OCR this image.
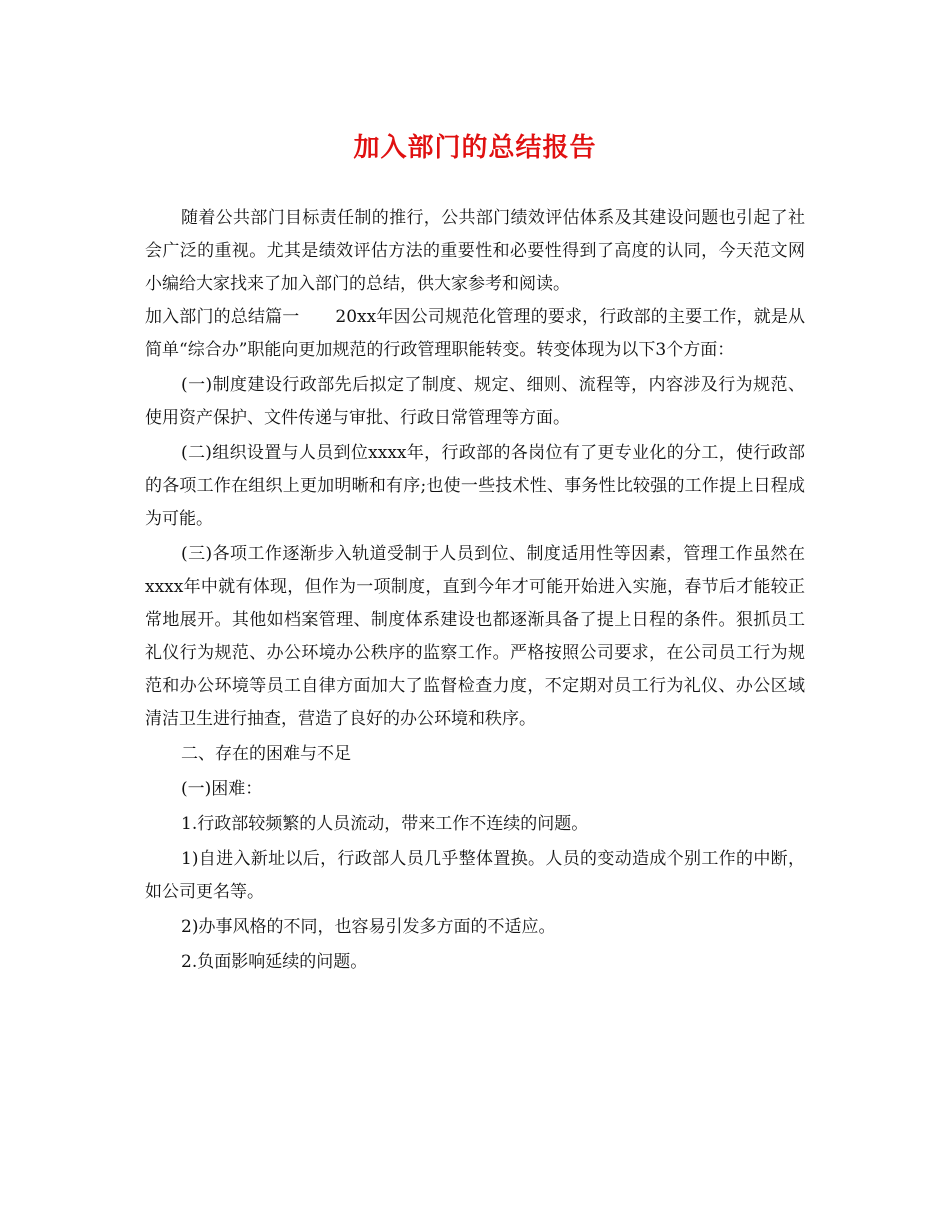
加入部门的总结报告

随着公共部门目标责任制的推行，公共部门绩效评估体系及其建设问题也引起了社会广泛的重视。尤其是绩效评估方法的重要性和必要性得到了高度的认同，今天范文网小编给大家找来了加入部门的总结，供大家参考和阅读。

加入部门的总结篇一 20xx年因公司规范化管理的要求，行政部的主要工作，就是从简单“综合办”职能向更加规范的行政管理职能转变。转变体现为以下3个方面：

(一)制度建设行政部先后拟定了制度、规定、细则、流程等，内容涉及行为规范、使用资产保护、文件传递与审批、行政日常管理等方面。

(二)组织设置与人员到位xxxx年，行政部的各岗位有了更专业化的分工，使行政部的各项工作在组织上更加明晰和有序;也使一些技术性、事务性比较强的工作提上日程成为可能。

(三)各项工作逐渐步入轨道受制于人员到位、制度适用性等因素，管理工作虽然在xxxx年中就有体现，但作为一项制度，直到今年才可能开始进入实施，春节后才能较正常地展开。其他如档案管理、制度体系建设也都逐渐具备了提上日程的条件。狠抓员工礼仪行为规范、办公环境办公秩序的监察工作。严格按照公司要求，在公司员工行为规范和办公环境等员工自律方面加大了监督检查力度，不定期对员工行为礼仪、办公区域清洁卫生进行抽查，营造了良好的办公环境和秩序。

二、存在的困难与不足

(一)困难：

1.行政部较频繁的人员流动，带来工作不连续的问题。

1)自进入新址以后，行政部人员几乎整体置换。人员的变动造成个别工作的中断，如公司更名等。

2)办事风格的不同，也容易引发多方面的不适应。

2.负面影响延续的问题。
